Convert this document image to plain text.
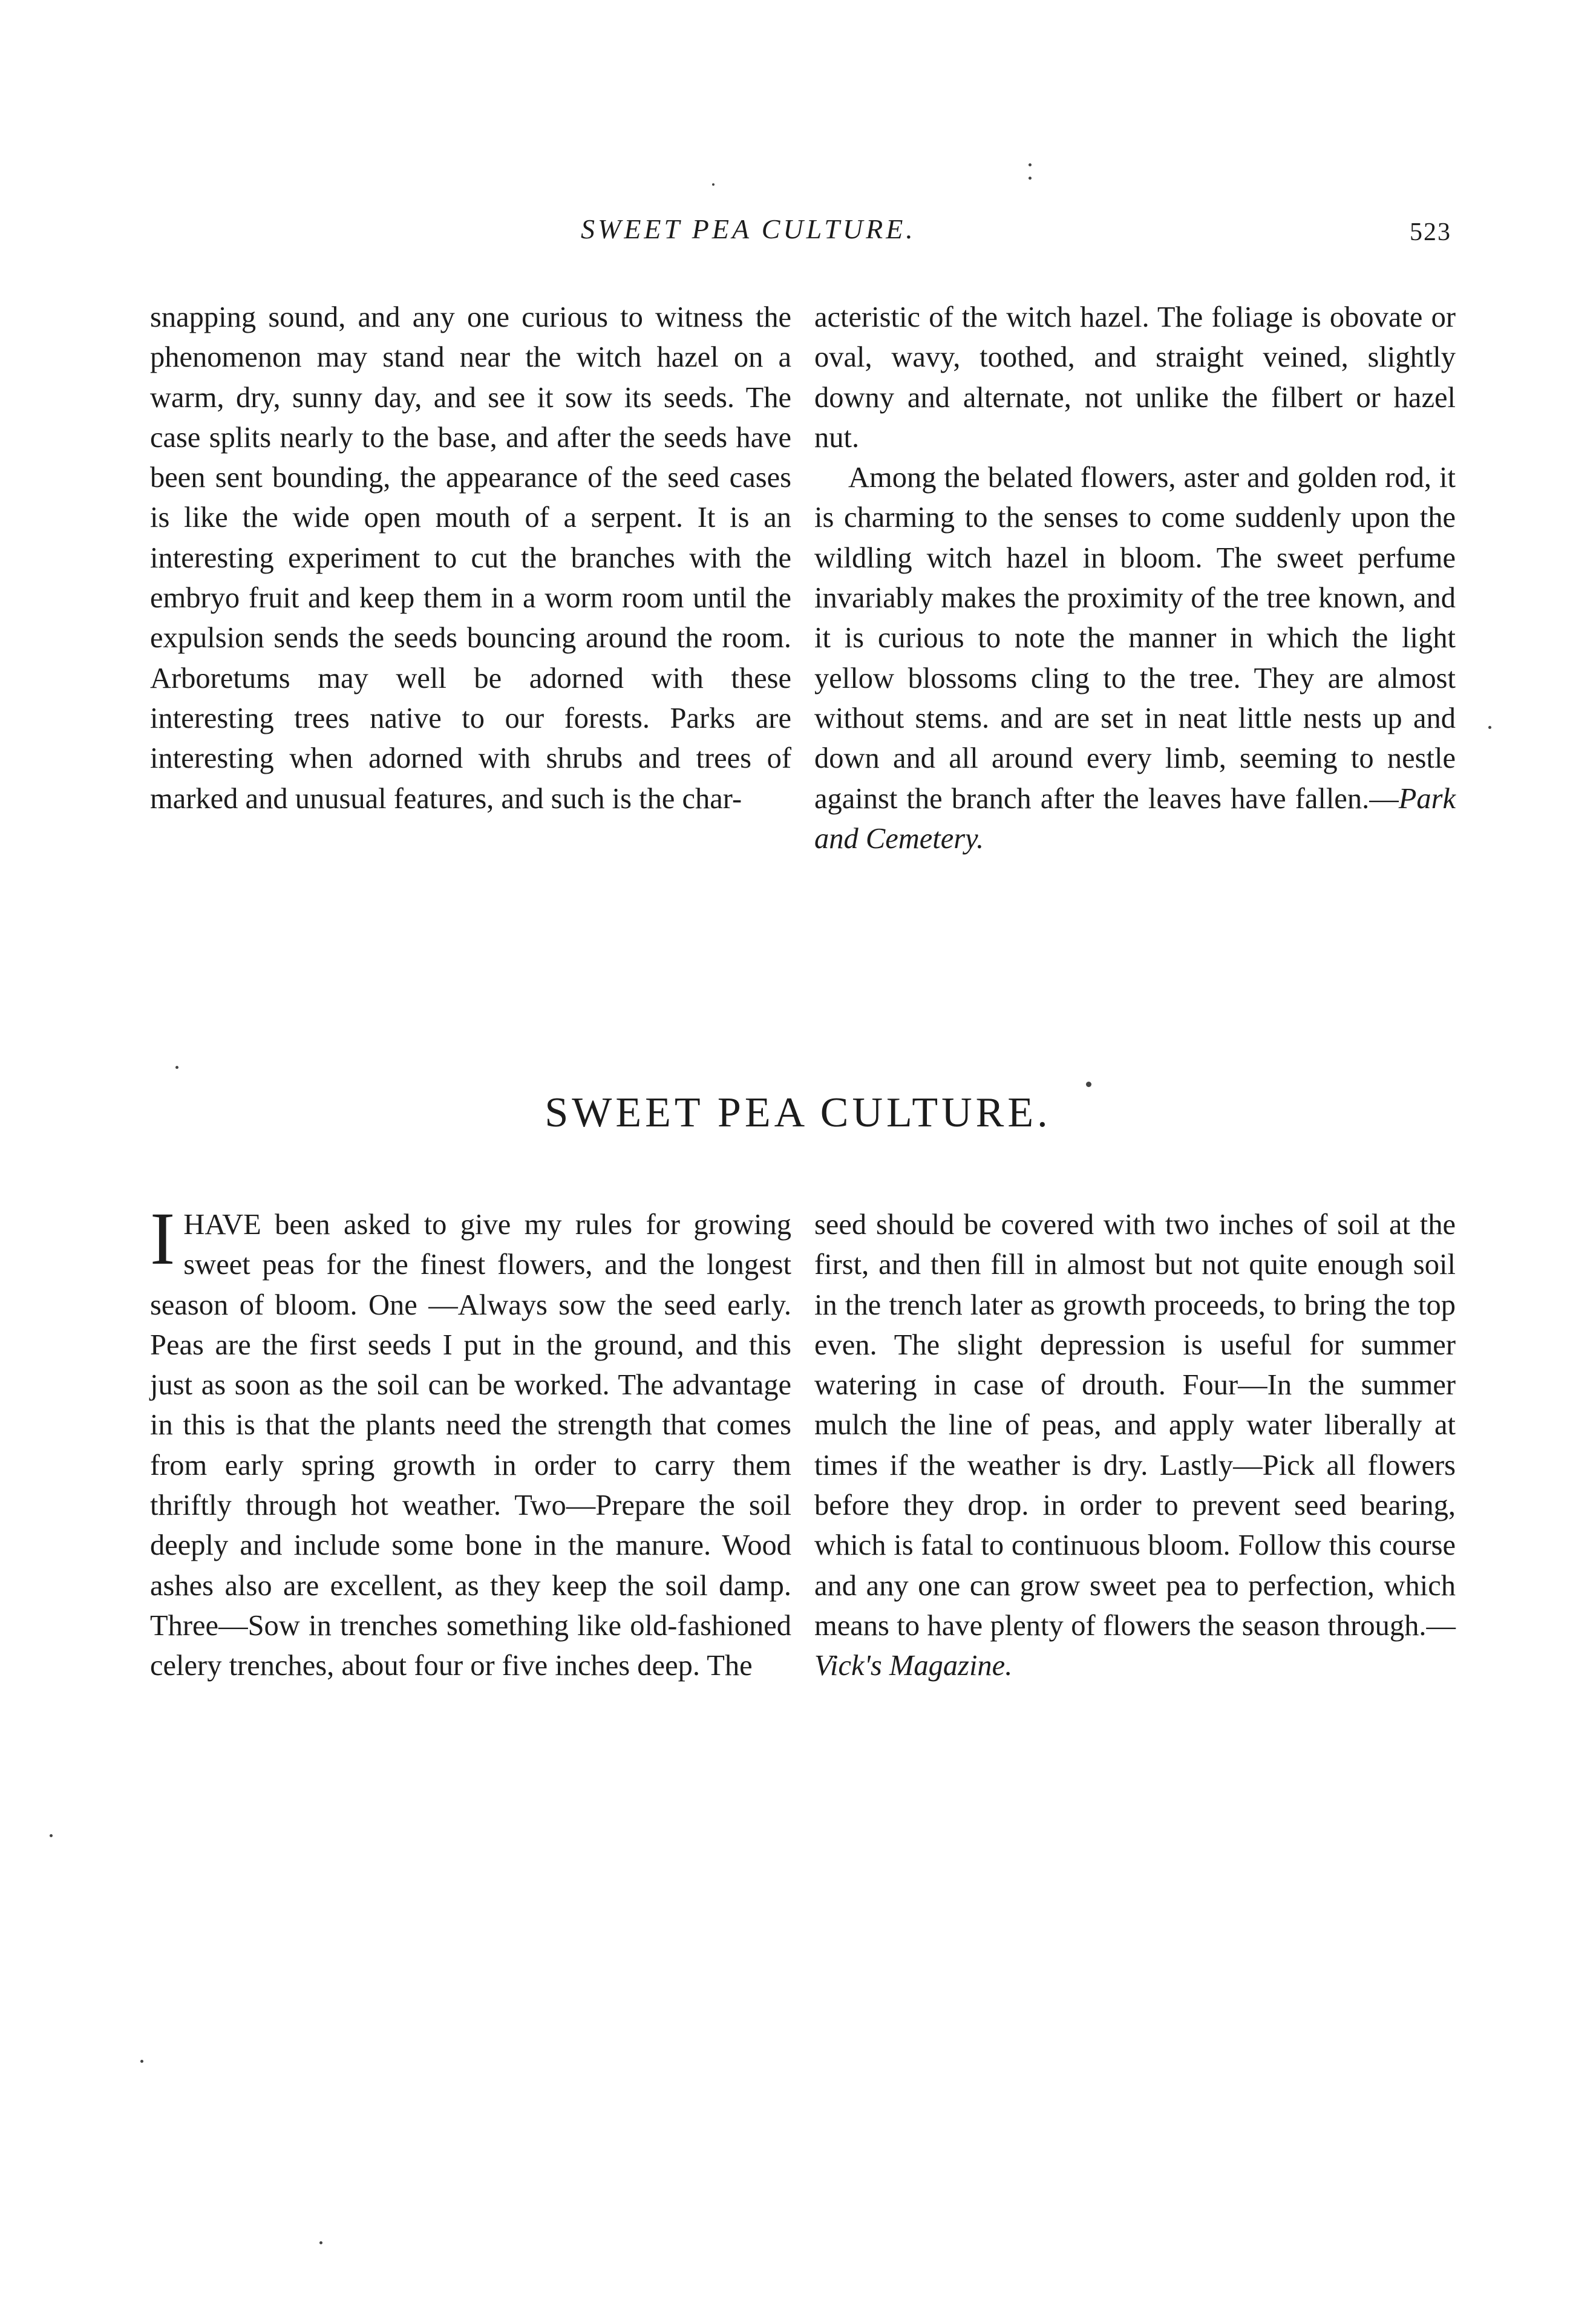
SWEET PEA CULTURE.	523

snapping sound, and any one curious to witness the phenomenon may stand near the witch hazel on a warm, dry, sunny day, and see it sow its seeds. The case splits nearly to the base, and after the seeds have been sent bounding, the appearance of the seed cases is like the wide open mouth of a serpent. It is an interesting experiment to cut the branches with the embryo fruit and keep them in a worm room until the expulsion sends the seeds bouncing around the room. Arboretums may well be adorned with these interesting trees native to our forests. Parks are interesting when adorned with shrubs and trees of marked and unusual features, and such is the char-

acteristic of the witch hazel. The foliage is obovate or oval, wavy, toothed, and straight veined, slightly downy and alternate, not unlike the filbert or hazel nut.

Among the belated flowers, aster and golden rod, it is charming to the senses to come suddenly upon the wildling witch hazel in bloom. The sweet perfume invariably makes the proximity of the tree known, and it is curious to note the manner in which the light yellow blossoms cling to the tree. They are almost without stems. and are set in neat little nests up and down and all around every limb, seeming to nestle against the branch after the leaves have fallen.—Park and Cemetery.

SWEET PEA CULTURE.

IHAVE been asked to give my rules for growing sweet peas for the finest flowers, and the longest season of bloom. One —Always sow the seed early. Peas are the first seeds I put in the ground, and this just as soon as the soil can be worked. The advantage in this is that the plants need the strength that comes from early spring growth in order to carry them thriftly through hot weather. Two—Prepare the soil deeply and include some bone in the manure. Wood ashes also are excellent, as they keep the soil damp. Three—Sow in trenches something like old-fashioned celery trenches, about four or five inches deep. The

seed should be covered with two inches of soil at the first, and then fill in almost but not quite enough soil in the trench later as growth proceeds, to bring the top even. The slight depression is useful for summer watering in case of drouth. Four—In the summer mulch the line of peas, and apply water liberally at times if the weather is dry. Lastly—Pick all flowers before they drop. in order to prevent seed bearing, which is fatal to continuous bloom. Follow this course and any one can grow sweet pea to perfection, which means to have plenty of flowers the season through.—Vick's Magazine.
